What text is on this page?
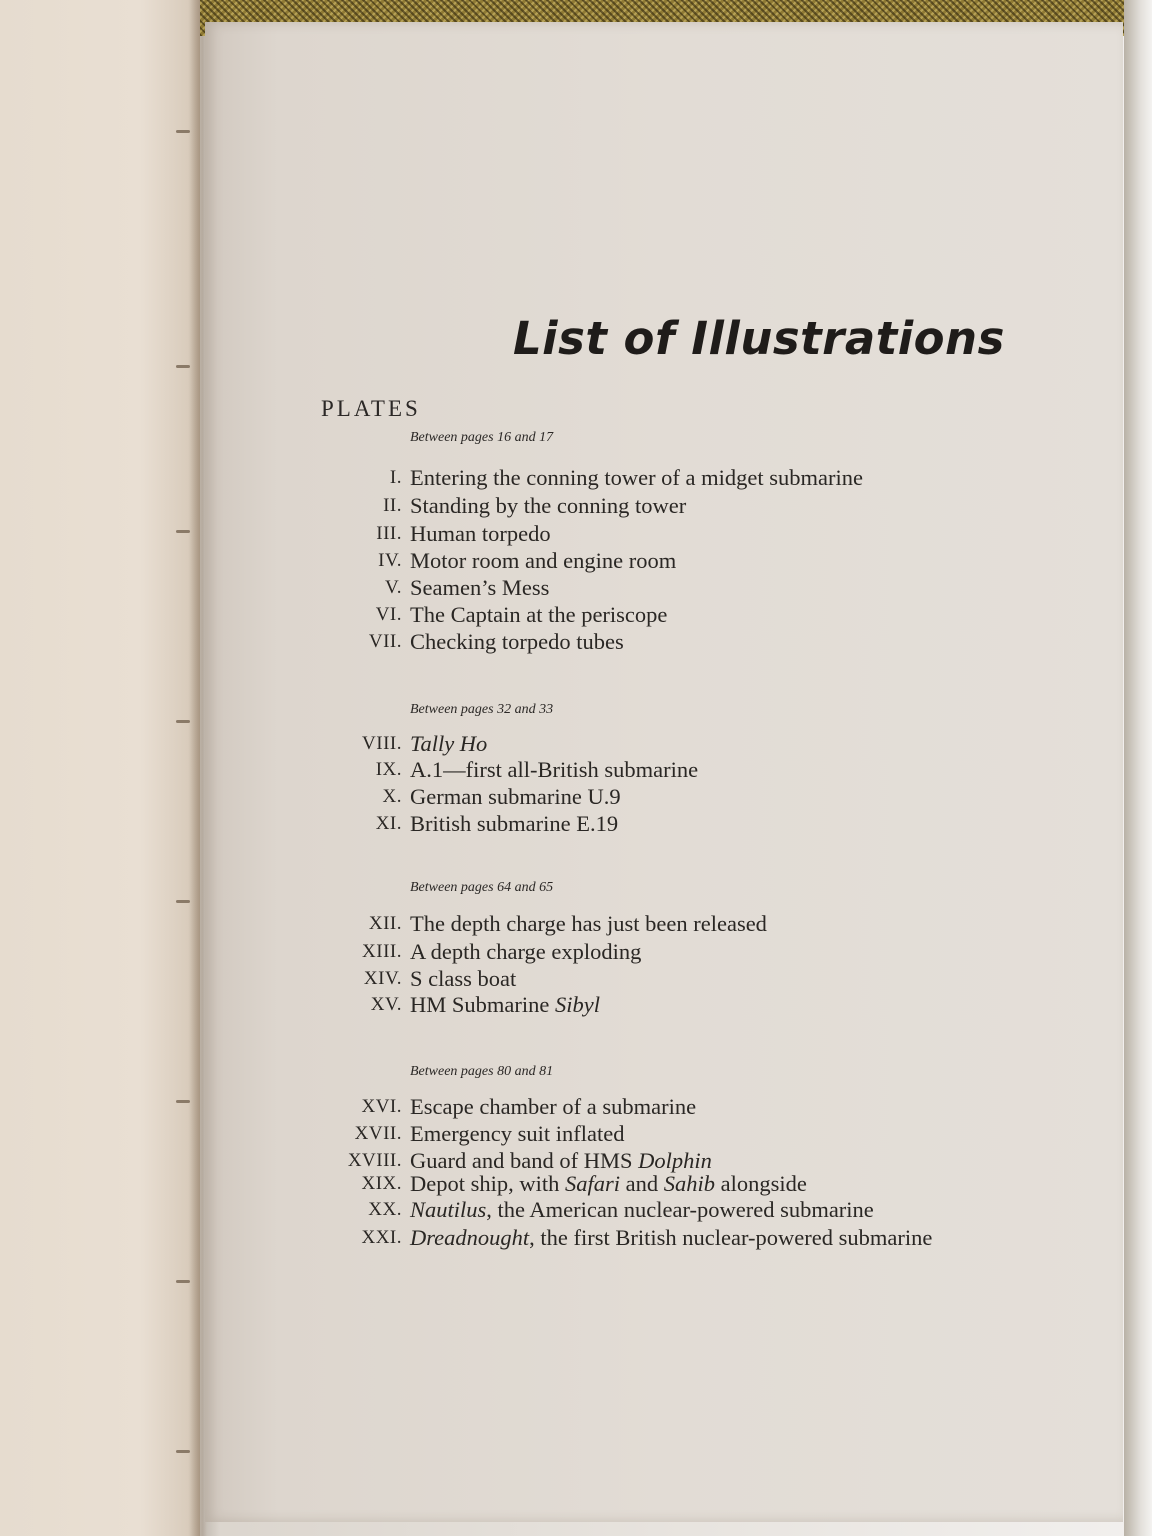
List of Illustrations
PLATES
Between pages 16 and 17
I. Entering the conning tower of a midget submarine
II. Standing by the conning tower
III. Human torpedo
IV. Motor room and engine room
V. Seamen’s Mess
VI. The Captain at the periscope
VII. Checking torpedo tubes
Between pages 32 and 33
VIII. Tally Ho
IX. A.1—first all-British submarine
X. German submarine U.9
XI. British submarine E.19
Between pages 64 and 65
XII. The depth charge has just been released
XIII. A depth charge exploding
XIV. S class boat
XV. HM Submarine Sibyl
Between pages 80 and 81
XVI. Escape chamber of a submarine
XVII. Emergency suit inflated
XVIII. Guard and band of HMS Dolphin
XIX. Depot ship, with Safari and Sahib alongside
XX. Nautilus, the American nuclear-powered submarine
XXI. Dreadnought, the first British nuclear-powered submarine
